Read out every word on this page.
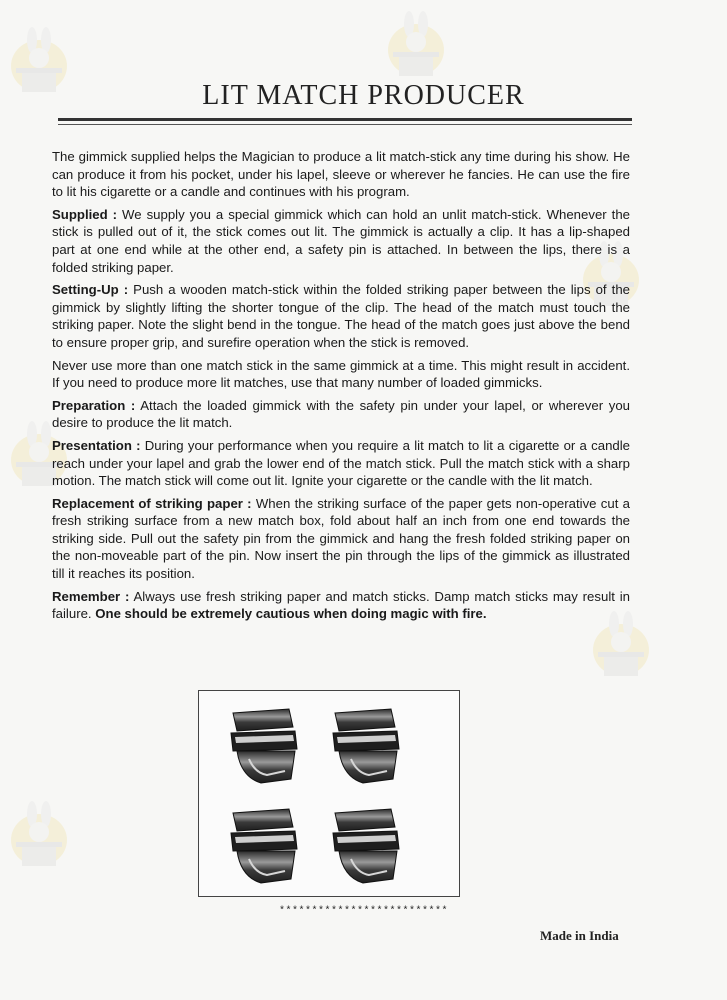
LIT MATCH PRODUCER

The gimmick supplied helps the Magician to produce a lit match-stick any time during his show. He can produce it from his pocket, under his lapel, sleeve or wherever he fancies. He can use the fire to lit his cigarette or a candle and continues with his program.

Supplied : We supply you a special gimmick which can hold an unlit match-stick. Whenever the stick is pulled out of it, the stick comes out lit. The gimmick is actually a clip. It has a lip-shaped part at one end while at the other end, a safety pin is attached. In between the lips, there is a folded striking paper.

Setting-Up : Push a wooden match-stick within the folded striking paper between the lips of the gimmick by slightly lifting the shorter tongue of the clip. The head of the match must touch the striking paper. Note the slight bend in the tongue. The head of the match goes just above the bend to ensure proper grip, and surefire operation when the stick is removed.

Never use more than one match stick in the same gimmick at a time. This might result in accident. If you need to produce more lit matches, use that many number of loaded gimmicks.

Preparation : Attach the loaded gimmick with the safety pin under your lapel, or wherever you desire to produce the lit match.

Presentation : During your performance when you require a lit match to lit a cigarette or a candle reach under your lapel and grab the lower end of the match stick. Pull the match stick with a sharp motion. The match stick will come out lit. Ignite your cigarette or the candle with the lit match.

Replacement of striking paper : When the striking surface of the paper gets non-operative cut a fresh striking surface from a new match box, fold about half an inch from one end towards the striking side. Pull out the safety pin from the gimmick and hang the fresh folded striking paper on the non-moveable part of the pin. Now insert the pin through the lips of the gimmick as illustrated till it reaches its position.

Remember : Always use fresh striking paper and match sticks. Damp match sticks may result in failure. One should be extremely cautious when doing magic with fire.

**************************
Made in India
